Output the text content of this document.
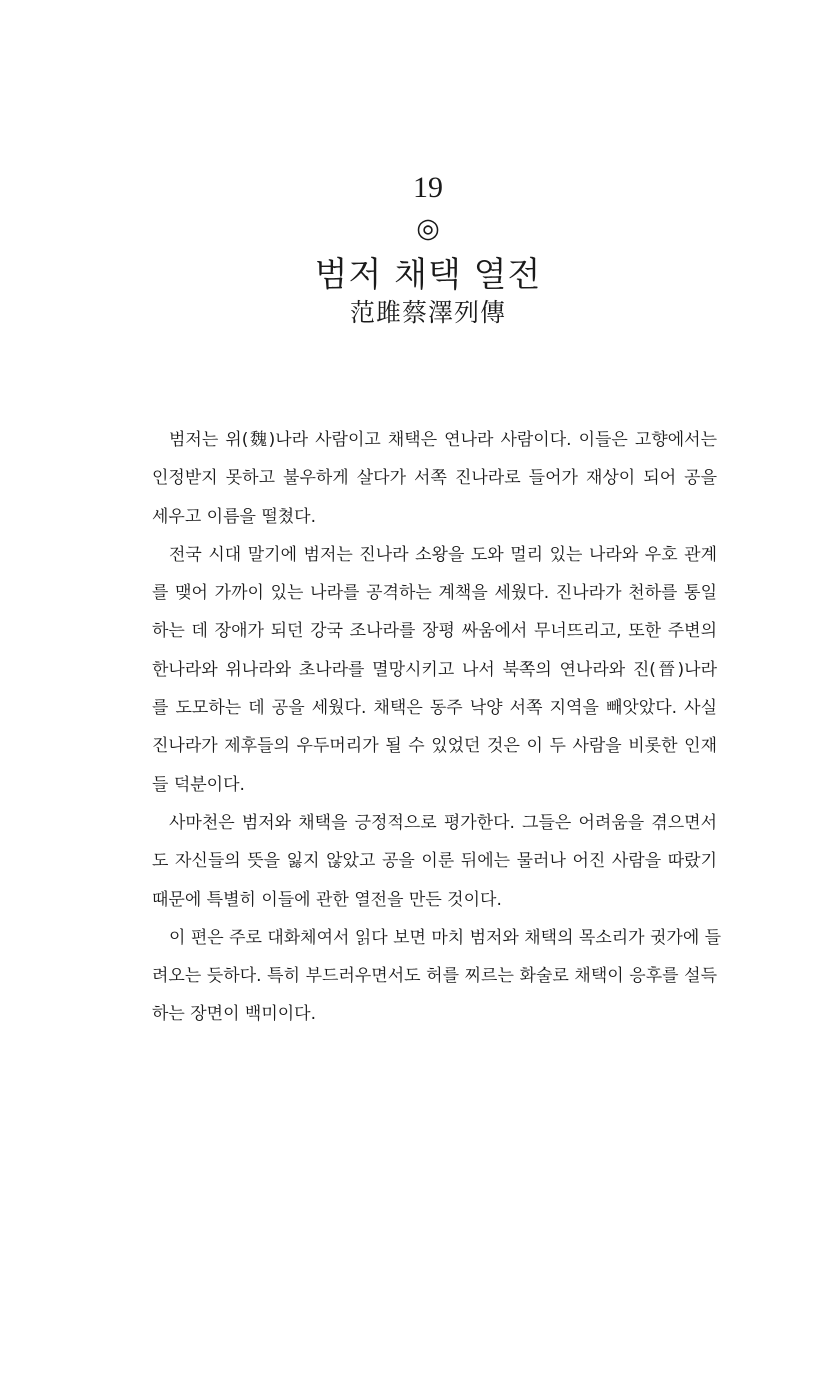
19
◎
범저 채택 열전
范雎蔡澤列傳
범저는 위(魏)나라 사람이고 채택은 연나라 사람이다. 이들은 고향에서는
인정받지 못하고 불우하게 살다가 서쪽 진나라로 들어가 재상이 되어 공을
세우고 이름을 떨쳤다.
전국 시대 말기에 범저는 진나라 소왕을 도와 멀리 있는 나라와 우호 관계
를 맺어 가까이 있는 나라를 공격하는 계책을 세웠다. 진나라가 천하를 통일
하는 데 장애가 되던 강국 조나라를 장평 싸움에서 무너뜨리고, 또한 주변의
한나라와 위나라와 초나라를 멸망시키고 나서 북쪽의 연나라와 진(晉)나라
를 도모하는 데 공을 세웠다. 채택은 동주 낙양 서쪽 지역을 빼앗았다. 사실
진나라가 제후들의 우두머리가 될 수 있었던 것은 이 두 사람을 비롯한 인재
들 덕분이다.
사마천은 범저와 채택을 긍정적으로 평가한다. 그들은 어려움을 겪으면서
도 자신들의 뜻을 잃지 않았고 공을 이룬 뒤에는 물러나 어진 사람을 따랐기
때문에 특별히 이들에 관한 열전을 만든 것이다.
이 편은 주로 대화체여서 읽다 보면 마치 범저와 채택의 목소리가 귓가에 들
려오는 듯하다. 특히 부드러우면서도 허를 찌르는 화술로 채택이 응후를 설득
하는 장면이 백미이다.
